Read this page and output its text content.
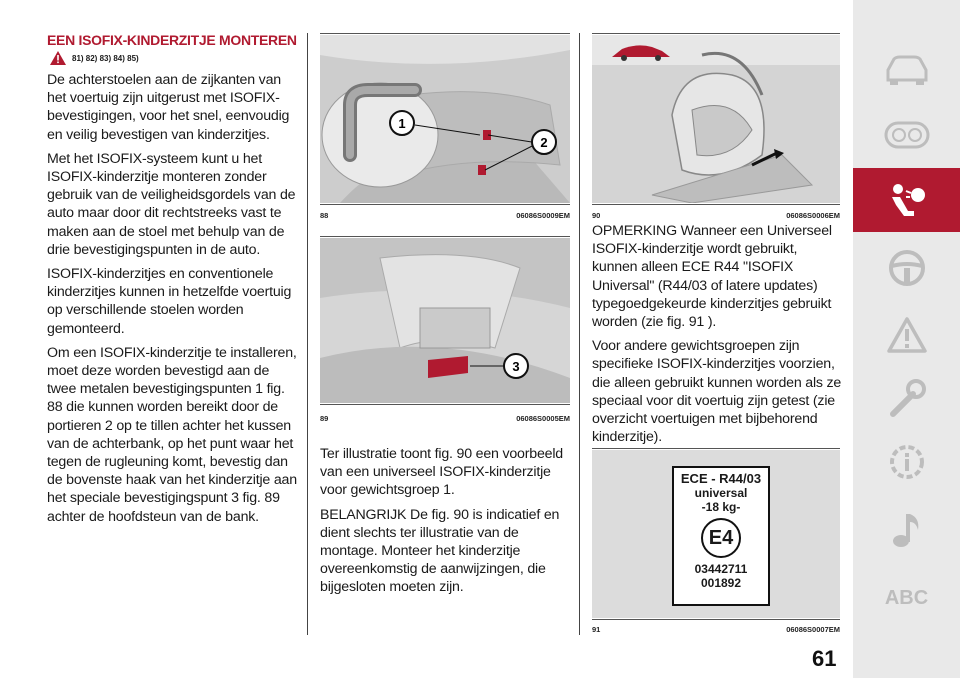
EEN ISOFIX-KINDERZITJE MONTEREN
81) 82) 83) 84) 85)

De achterstoelen aan de zijkanten van het voertuig zijn uitgerust met ISOFIX-bevestigingen, voor het snel, eenvoudig en veilig bevestigen van kinderzitjes.

Met het ISOFIX-systeem kunt u het ISOFIX-kinderzitje monteren zonder gebruik van de veiligheidsgordels van de auto maar door dit rechtstreeks vast te maken aan de stoel met behulp van de drie bevestigingspunten in de auto.

ISOFIX-kinderzitjes en conventionele kinderzitjes kunnen in hetzelfde voertuig op verschillende stoelen worden gemonteerd.

Om een ISOFIX-kinderzitje te installeren, moet deze worden bevestigd aan de twee metalen bevestigingspunten 1 fig. 88 die kunnen worden bereikt door de portieren 2 op te tillen achter het kussen van de achterbank, op het punt waar het tegen de rugleuning komt, bevestig dan de bovenste haak van het kinderzitje aan het speciale bevestigingspunt 3 fig. 89 achter de hoofdsteun van de bank.

1
2
88	06086S0009EM
3
89	06086S0005EM

Ter illustratie toont fig. 90 een voorbeeld van een universeel ISOFIX-kinderzitje voor gewichtsgroep 1.

BELANGRIJK De fig. 90 is indicatief en dient slechts ter illustratie van de montage. Monteer het kinderzitje overeenkomstig de aanwijzingen, die bijgesloten moeten zijn.

90	06086S0006EM

OPMERKING Wanneer een Universeel ISOFIX-kinderzitje wordt gebruikt, kunnen alleen ECE R44 "ISOFIX Universal" (R44/03 of latere updates) typegoedgekeurde kinderzitjes gebruikt worden (zie fig. 91 ).

Voor andere gewichtsgroepen zijn specifieke ISOFIX-kinderzitjes voorzien, die alleen gebruikt kunnen worden als ze speciaal voor dit voertuig zijn getest (zie overzicht voertuigen met bijbehorend kinderzitje).

ECE - R44/03
universal
-18 kg-
E4
03442711
001892
91	06086S0007EM
61
ABC
